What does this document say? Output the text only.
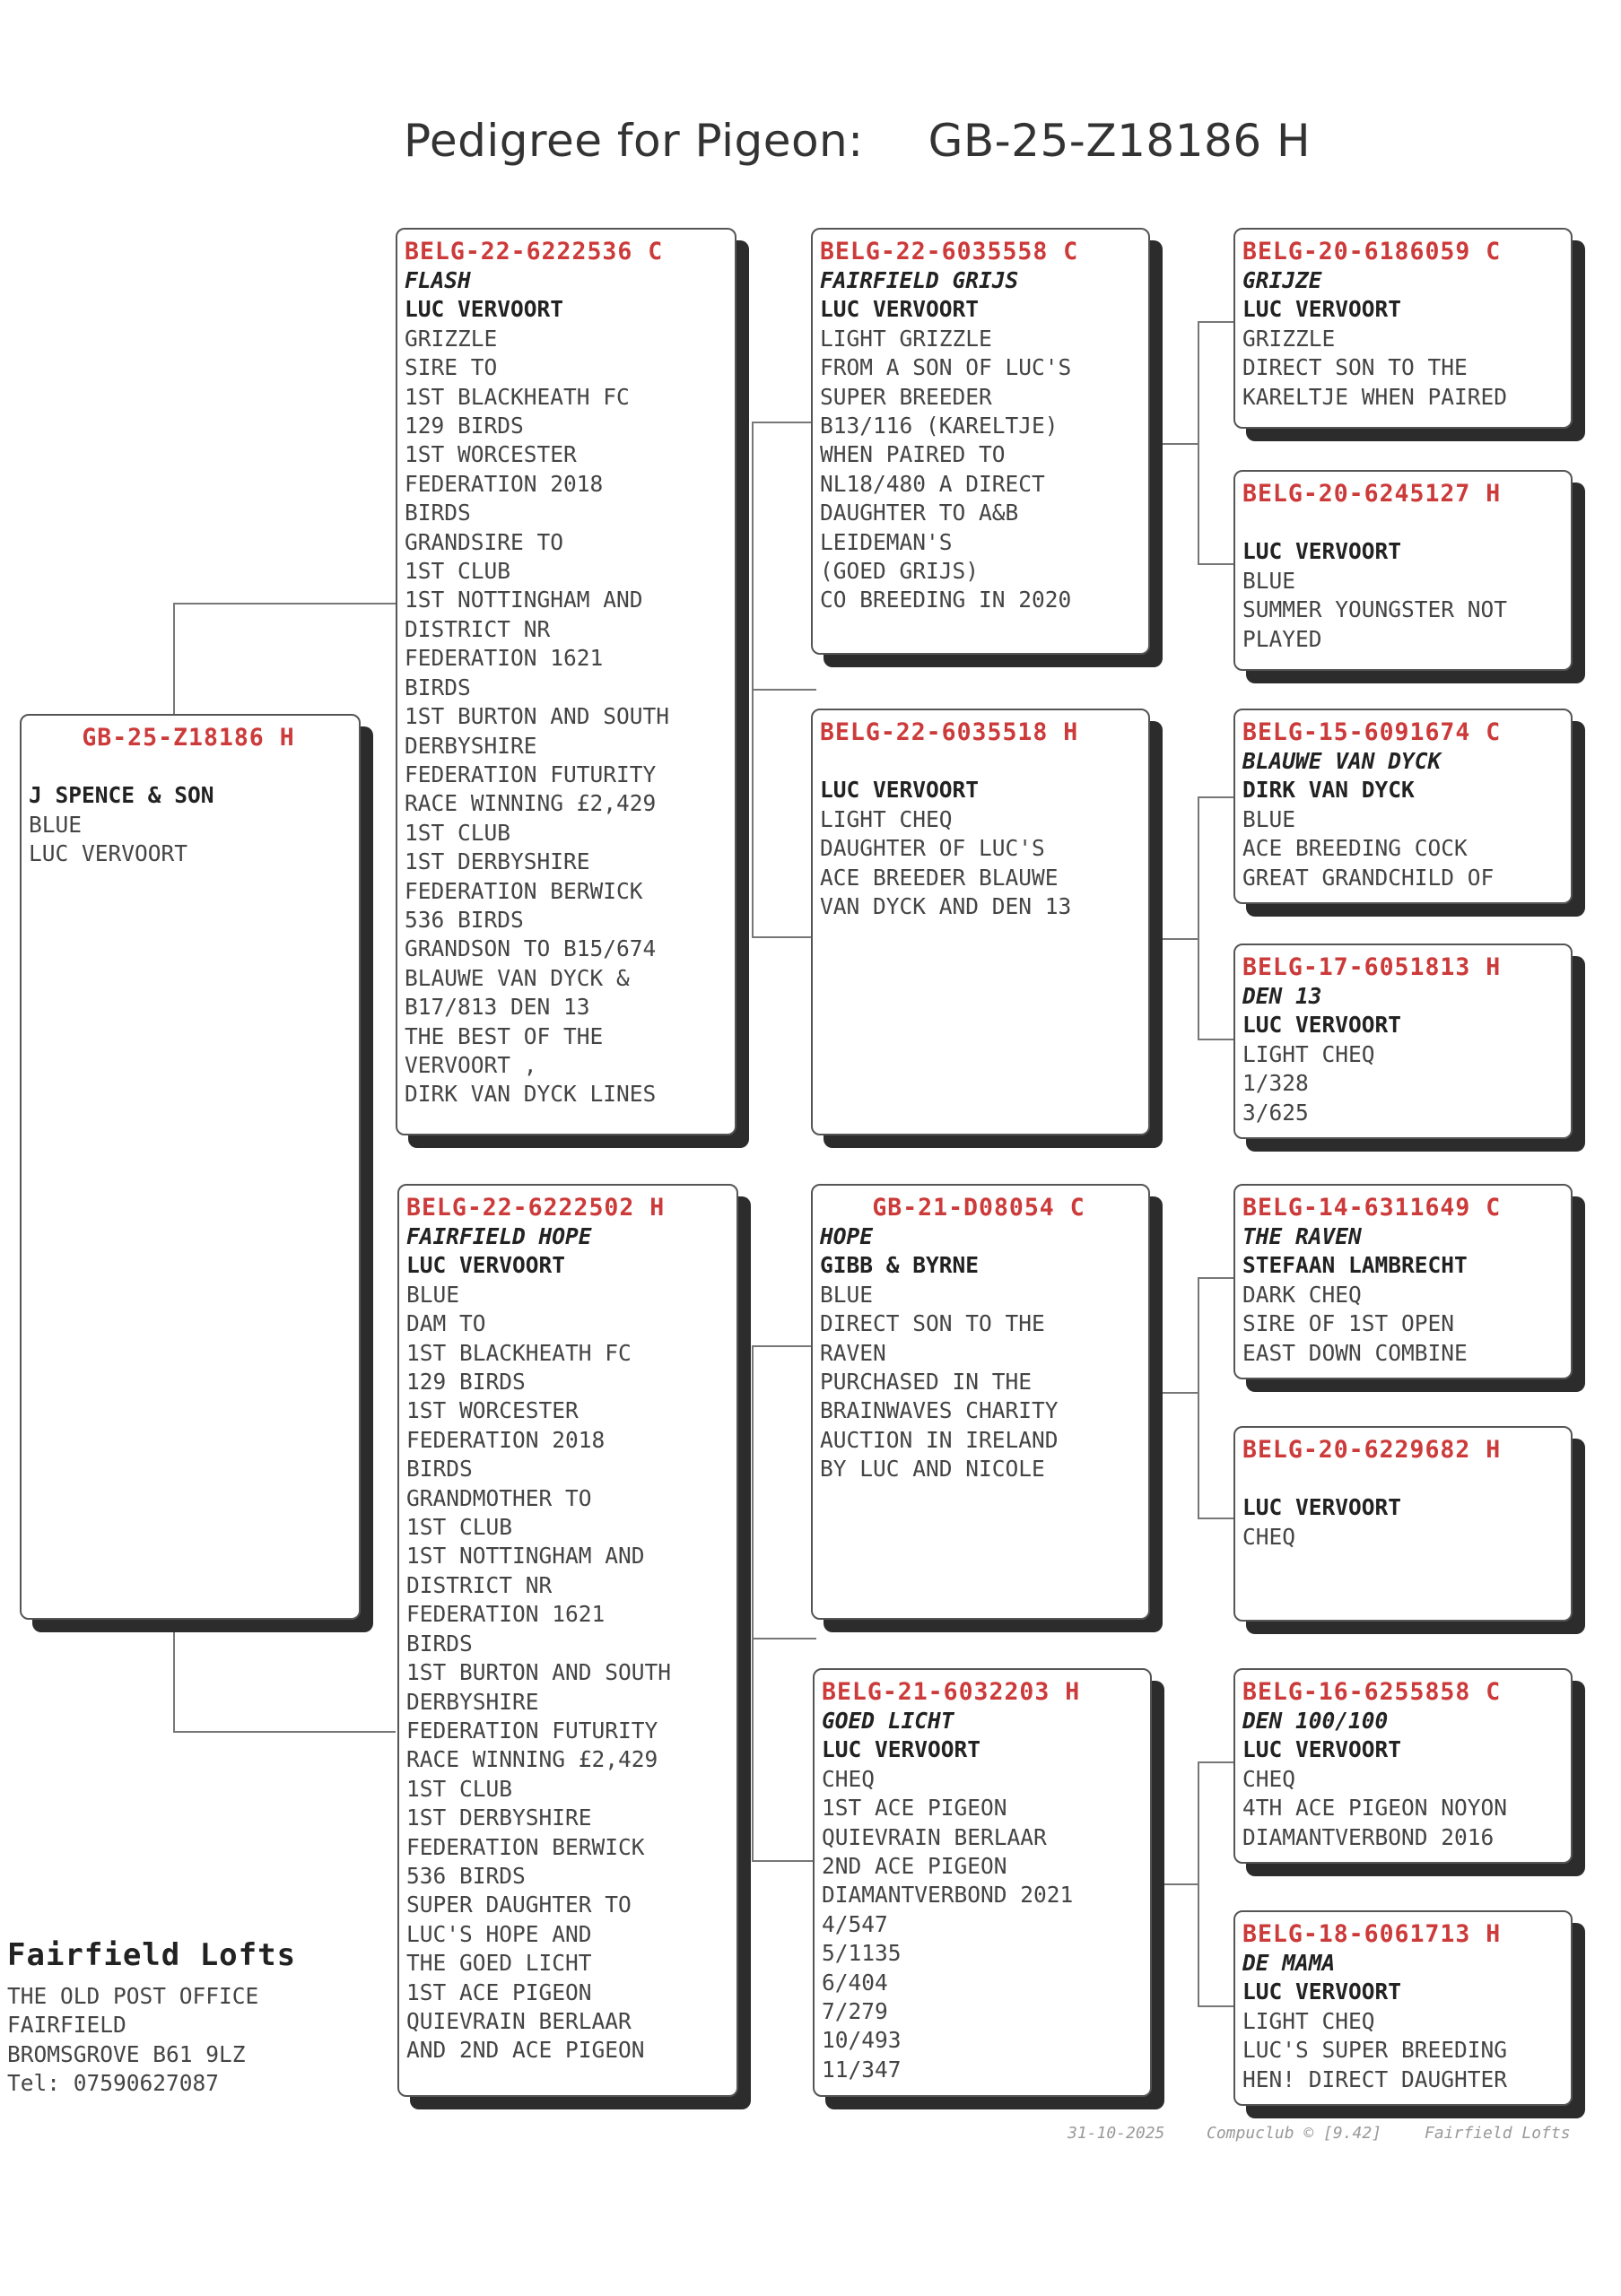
Pedigree for Pigeon: GB-25-Z18186 H
GB-25-Z18186 H
J SPENCE & SON
BLUE
LUC VERVOORT
BELG-22-6222536 C
FLASH
LUC VERVOORT
GRIZZLE
SIRE TO
1ST BLACKHEATH FC
129 BIRDS
1ST WORCESTER
FEDERATION 2018
BIRDS
GRANDSIRE TO
1ST CLUB
1ST NOTTINGHAM AND
DISTRICT NR
FEDERATION 1621
BIRDS
1ST BURTON AND SOUTH
DERBYSHIRE
FEDERATION FUTURITY
RACE WINNING £2,429
1ST CLUB
1ST DERBYSHIRE
FEDERATION BERWICK
536 BIRDS
GRANDSON TO B15/674
BLAUWE VAN DYCK &
B17/813 DEN 13
THE BEST OF THE
VERVOORT ,
DIRK VAN DYCK LINES
BELG-22-6222502 H
FAIRFIELD HOPE
LUC VERVOORT
BLUE
DAM TO
1ST BLACKHEATH FC
129 BIRDS
1ST WORCESTER
FEDERATION 2018
BIRDS
GRANDMOTHER TO
1ST CLUB
1ST NOTTINGHAM AND
DISTRICT NR
FEDERATION 1621
BIRDS
1ST BURTON AND SOUTH
DERBYSHIRE
FEDERATION FUTURITY
RACE WINNING £2,429
1ST CLUB
1ST DERBYSHIRE
FEDERATION BERWICK
536 BIRDS
SUPER DAUGHTER TO
LUC'S HOPE AND
THE GOED LICHT
1ST ACE PIGEON
QUIEVRAIN BERLAAR
AND 2ND ACE PIGEON
BELG-22-6035558 C
FAIRFIELD GRIJS
LUC VERVOORT
LIGHT GRIZZLE
FROM A SON OF LUC'S
SUPER BREEDER
B13/116 (KARELTJE)
WHEN PAIRED TO
NL18/480 A DIRECT
DAUGHTER TO A&B
LEIDEMAN'S
(GOED GRIJS)
CO BREEDING IN 2020
BELG-22-6035518 H

LUC VERVOORT
LIGHT CHEQ
DAUGHTER OF LUC'S
ACE BREEDER BLAUWE
VAN DYCK AND DEN 13
GB-21-D08054 C
HOPE
GIBB & BYRNE
BLUE
DIRECT SON TO THE
RAVEN
PURCHASED IN THE
BRAINWAVES CHARITY
AUCTION IN IRELAND
BY LUC AND NICOLE
BELG-21-6032203 H
GOED LICHT
LUC VERVOORT
CHEQ
1ST ACE PIGEON
QUIEVRAIN BERLAAR
2ND ACE PIGEON
DIAMANTVERBOND 2021
4/547
5/1135
6/404
7/279
10/493
11/347
BELG-20-6186059 C
GRIJZE
LUC VERVOORT
GRIZZLE
DIRECT SON TO THE
KARELTJE WHEN PAIRED
BELG-20-6245127 H

LUC VERVOORT
BLUE
SUMMER YOUNGSTER NOT
PLAYED
BELG-15-6091674 C
BLAUWE VAN DYCK
DIRK VAN DYCK
BLUE
ACE BREEDING COCK
GREAT GRANDCHILD OF
BELG-17-6051813 H
DEN 13
LUC VERVOORT
LIGHT CHEQ
1/328
3/625
BELG-14-6311649 C
THE RAVEN
STEFAAN LAMBRECHT
DARK CHEQ
SIRE OF 1ST OPEN
EAST DOWN COMBINE
BELG-20-6229682 H

LUC VERVOORT
CHEQ
BELG-16-6255858 C
DEN 100/100
LUC VERVOORT
CHEQ
4TH ACE PIGEON NOYON
DIAMANTVERBOND 2016
BELG-18-6061713 H
DE MAMA
LUC VERVOORT
LIGHT CHEQ
LUC'S SUPER BREEDING
HEN! DIRECT DAUGHTER
Fairfield Lofts
THE OLD POST OFFICE
FAIRFIELD
BROMSGROVE B61 9LZ
Tel: 07590627087
31-10-2025	Compuclub © [9.42]	Fairfield Lofts
